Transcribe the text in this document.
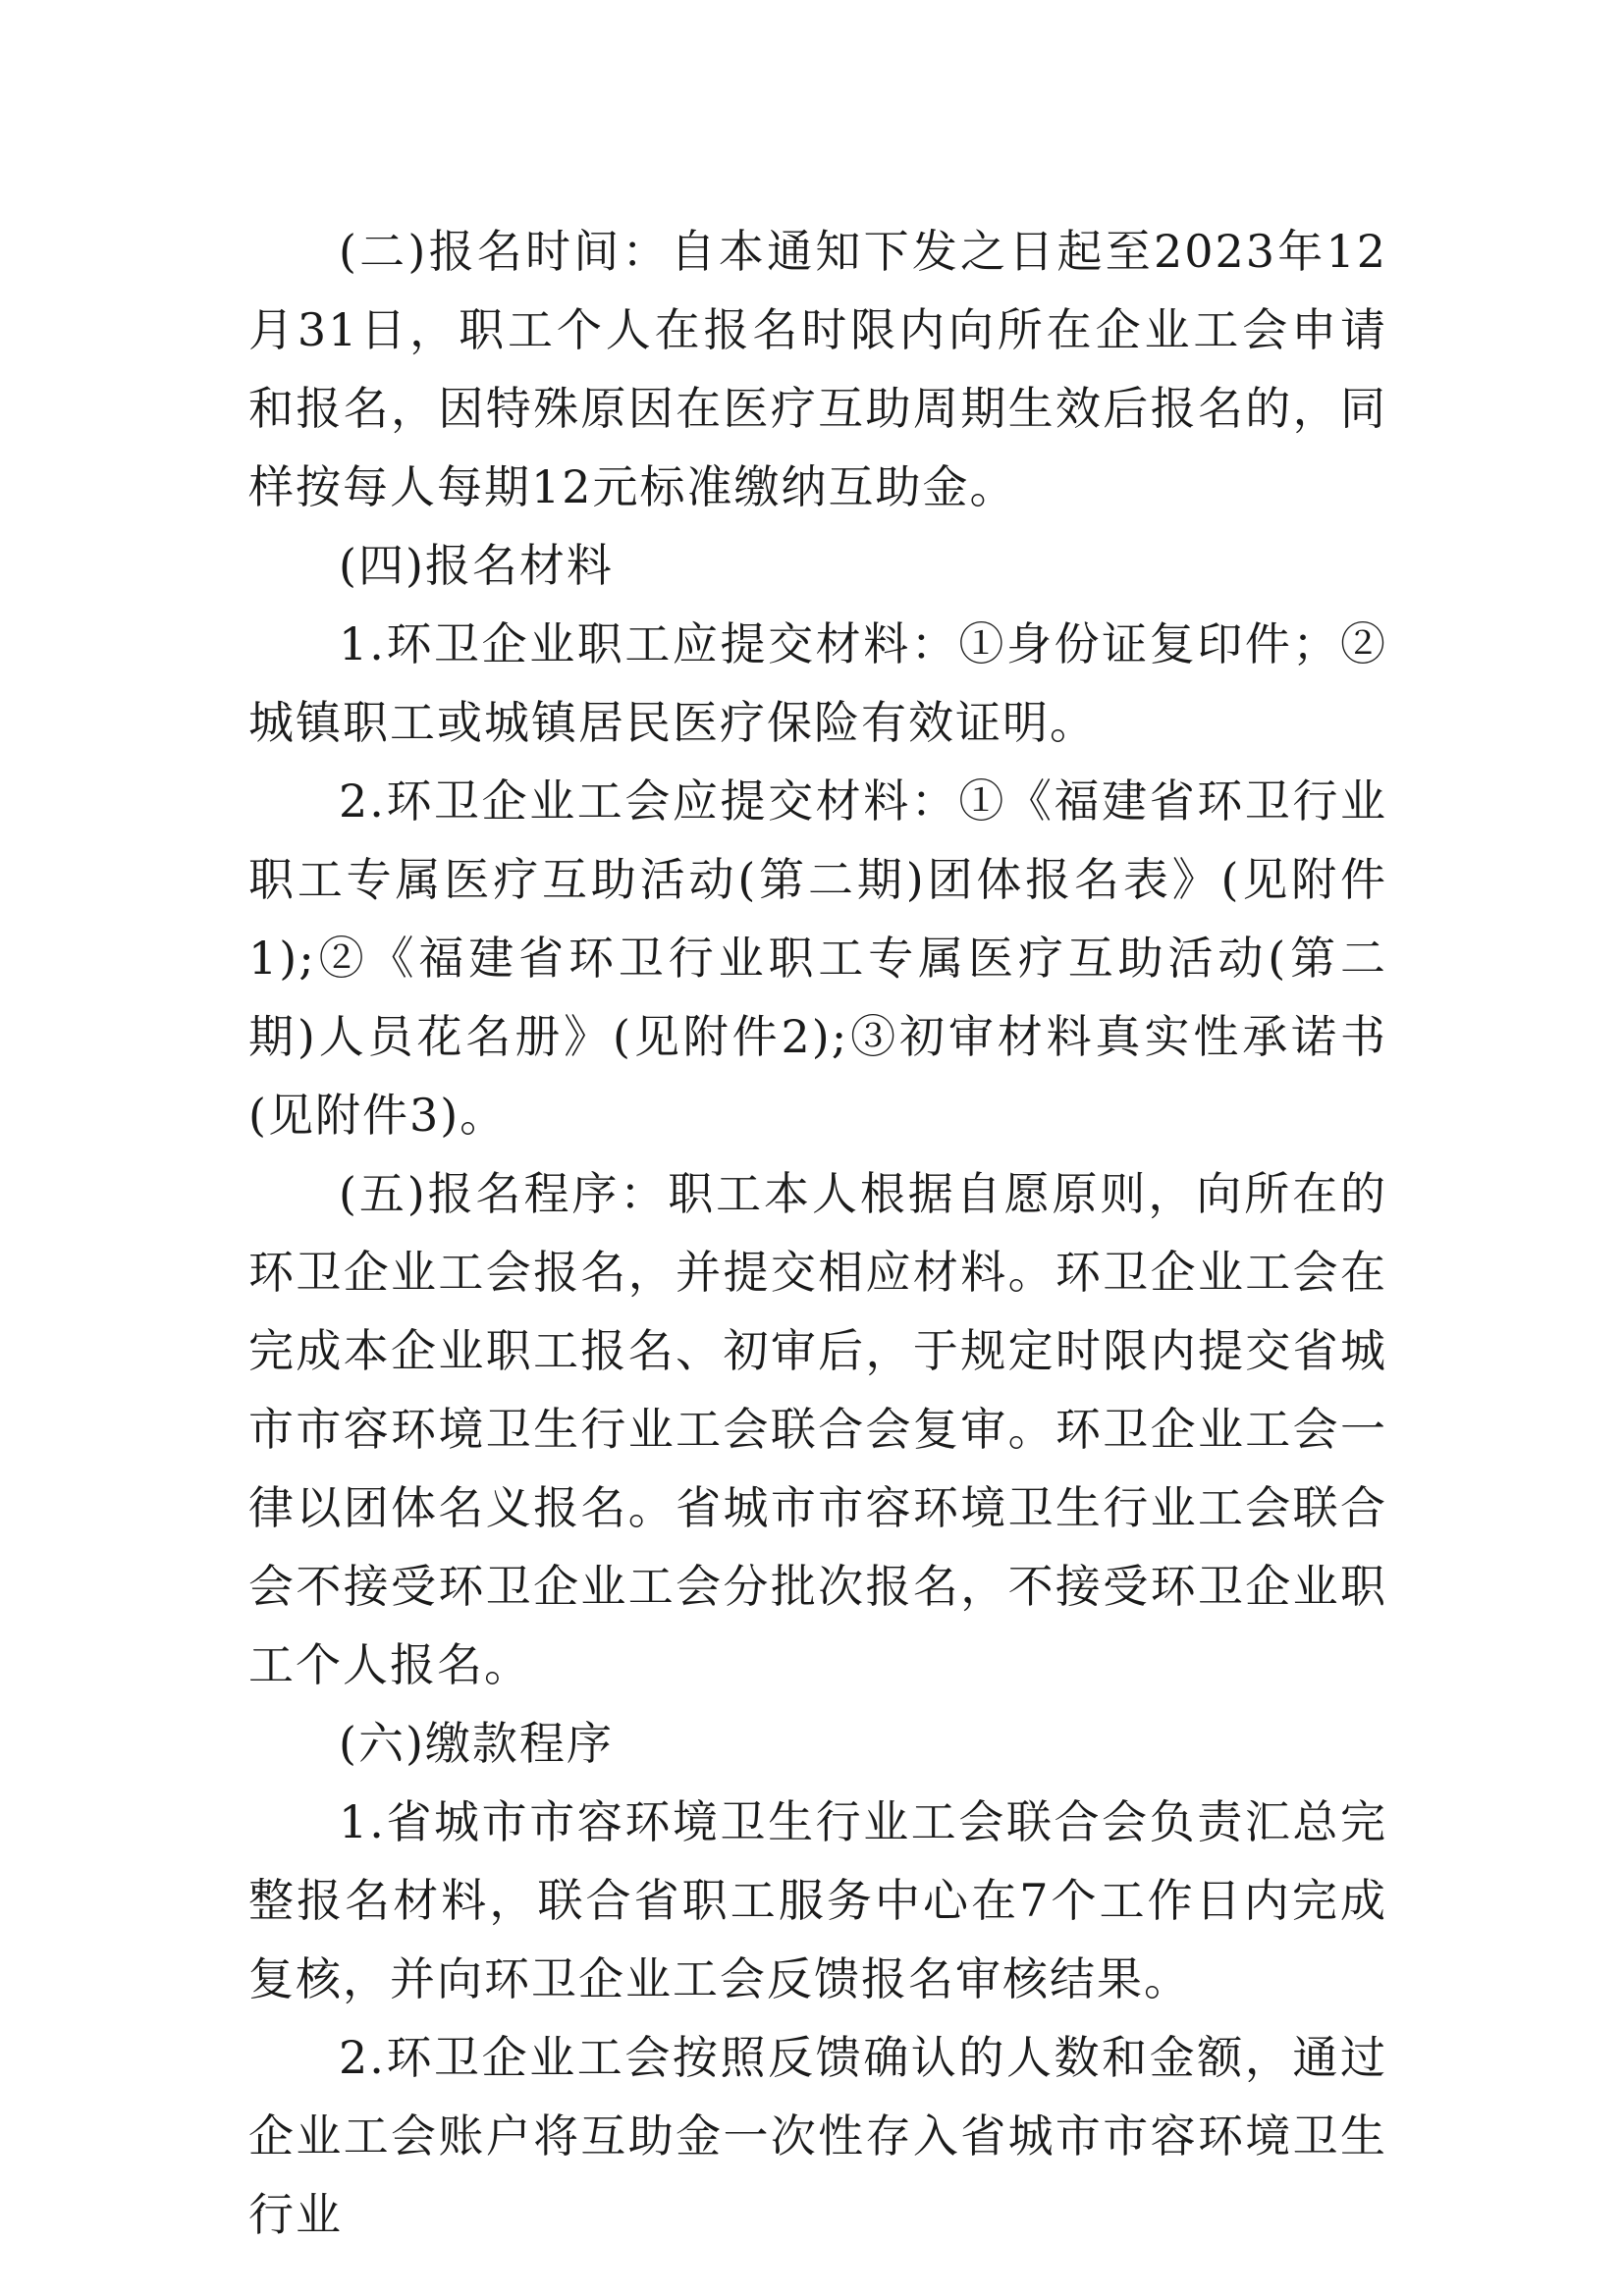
(二)报名时间：自本通知下发之日起至2023年12月31日，职工个人在报名时限内向所在企业工会申请和报名，因特殊原因在医疗互助周期生效后报名的，同样按每人每期12元标准缴纳互助金。

(四)报名材料

1.环卫企业职工应提交材料：①身份证复印件；②城镇职工或城镇居民医疗保险有效证明。

2.环卫企业工会应提交材料：①《福建省环卫行业职工专属医疗互助活动(第二期)团体报名表》(见附件1);②《福建省环卫行业职工专属医疗互助活动(第二期)人员花名册》(见附件2);③初审材料真实性承诺书(见附件3)。

(五)报名程序：职工本人根据自愿原则，向所在的环卫企业工会报名，并提交相应材料。环卫企业工会在完成本企业职工报名、初审后，于规定时限内提交省城市市容环境卫生行业工会联合会复审。环卫企业工会一律以团体名义报名。省城市市容环境卫生行业工会联合会不接受环卫企业工会分批次报名，不接受环卫企业职工个人报名。

(六)缴款程序

1.省城市市容环境卫生行业工会联合会负责汇总完整报名材料，联合省职工服务中心在7个工作日内完成复核，并向环卫企业工会反馈报名审核结果。

2.环卫企业工会按照反馈确认的人数和金额，通过企业工会账户将互助金一次性存入省城市市容环境卫生行业
